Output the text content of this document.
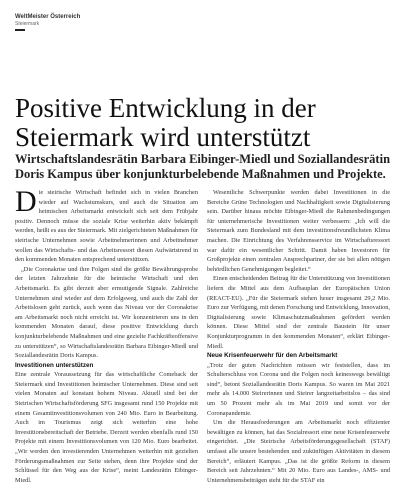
WeltMeister Österreich
Steiermark
Positive Entwicklung in der Steiermark wird unterstützt
Wirtschaftslandesrätin Barbara Eibinger-Miedl und Soziallandesrätin Doris Kampus über konjunkturbelebende Maßnahmen und Projekte.

Die steirische Wirtschaft befindet sich in vielen Branchen wieder auf Wachstumskurs, und auch die Situation am heimischen Arbeitsmarkt entwickelt sich seit dem Frühjahr positiv. Dennoch müsse die soziale Krise weiterhin aktiv bekämpft werden, heißt es aus der Steiermark. Mit zielgerichteten Maßnahmen für steirische Unternehmen sowie Arbeitnehmerinnen und Arbeitnehmer wollen das Wirtschafts- und das Arbeitsressort diesen Aufwärtstrend in den kommenden Monaten entsprechend unterstützen.

„Die Coronakrise und ihre Folgen sind die größte Bewährungsprobe der letzten Jahrzehnte für die heimische Wirtschaft und den Arbeitsmarkt. Es gibt derzeit aber ermutigende Signale. Zahlreiche Unternehmen sind wieder auf dem Erfolgsweg, und auch die Zahl der Arbeitslosen geht zurück, auch wenn das Niveau vor der Coronakrise am Arbeitsmarkt noch nicht erreicht ist. Wir konzentrieren uns in den kommenden Monaten darauf, diese positive Entwicklung durch konjunkturbelebende Maßnahmen und eine gezielte Fachkräfteoffensive zu unterstützen“, so Wirtschaftslandesrätin Barbara Eibinger-Miedl und Soziallandesrätin Doris Kampus.

Investitionen unterstützen

Eine zentrale Voraussetzung für das wirtschaftliche Comeback der Steiermark sind Investitionen heimischer Unternehmen. Diese sind seit vielen Monaten auf konstant hohem Niveau. Aktuell sind bei der Steirischen Wirtschaftsförderung SFG insgesamt rund 150 Projekte mit einem Gesamtinvestitionsvolumen von 240 Mio. Euro in Bearbeitung. Auch im Tourismus zeigt sich weiterhin eine hohe Investitionsbereitschaft der Betriebe. Derzeit werden ebenfalls rund 150 Projekte mit einem Investitionsvolumen von 120 Mio. Euro bearbeitet. „Wir werden den investierenden Unternehmen weiterhin mit gezielten Förderungsmaßnahmen zur Seite stehen, denn ihre Projekte sind der Schlüssel für den Weg aus der Krise“, meint Landesrätin Eibinger-Miedl.

Wesentliche Schwerpunkte werden dabei Investitionen in die Bereiche Grüne Technologien und Nachhaltigkeit sowie Digitalisierung sein. Darüber hinaus möchte Eibinger-Miedl die Rahmenbedingungen für unternehmerische Investitionen weiter verbessern: „Ich will die Steiermark zum Bundesland mit dem investitionsfreundlichsten Klima machen. Die Einrichtung des Verfahrensservice im Wirtschaftsressort war dafür ein wesentlicher Schritt. Damit haben Investoren für Großprojekte einen zentralen Ansprechpartner, der sie bei allen nötigen behördlichen Genehmigungen begleitet.“

Einen entscheidenden Beitrag für die Unterstützung von Investitionen liefern die Mittel aus dem Aufbauplan der Europäischen Union (REACT-EU). „Für die Steiermark stehen heuer insgesamt 29,2 Mio. Euro zur Verfügung, mit denen Forschung und Entwicklung, Innovation, Digitalisierung sowie Klimaschutzmaßnahmen gefördert werden können. Diese Mittel sind der zentrale Baustein für unser Konjunkturprogramm in den kommenden Monaten“, erklärt Eibinger-Miedl.

Neue Krisenfeuerwehr für den Arbeitsmarkt

„Trotz der guten Nachrichten müssen wir feststellen, dass im Schulterschluss von Corona und die Folgen noch keineswegs bewältigt sind“, betont Soziallandesrätin Doris Kampus. So waren im Mai 2021 mehr als 14.000 Steirerinnen und Steirer langzeitarbeitslos – das sind um 50 Prozent mehr als im Mai 2019 und somit vor der Coronapandemie.

Um die Herausforderungen am Arbeitsmarkt noch effizienter bewältigen zu können, hat das Sozialressort eine neue Krisenfeuerwehr eingerichtet. „Die Steirische Arbeitsförderungsgesellschaft (STAF) umfasst alle unsere bestehenden und zukünftigen Aktivitäten in diesem Bereich“, erläutert Kampus. „Das ist die größte Reform in diesem Bereich seit Jahrzehnten.“ Mit 20 Mio. Euro aus Landes-, AMS- und Unternehmensbeiträgen steht für die STAF ein
